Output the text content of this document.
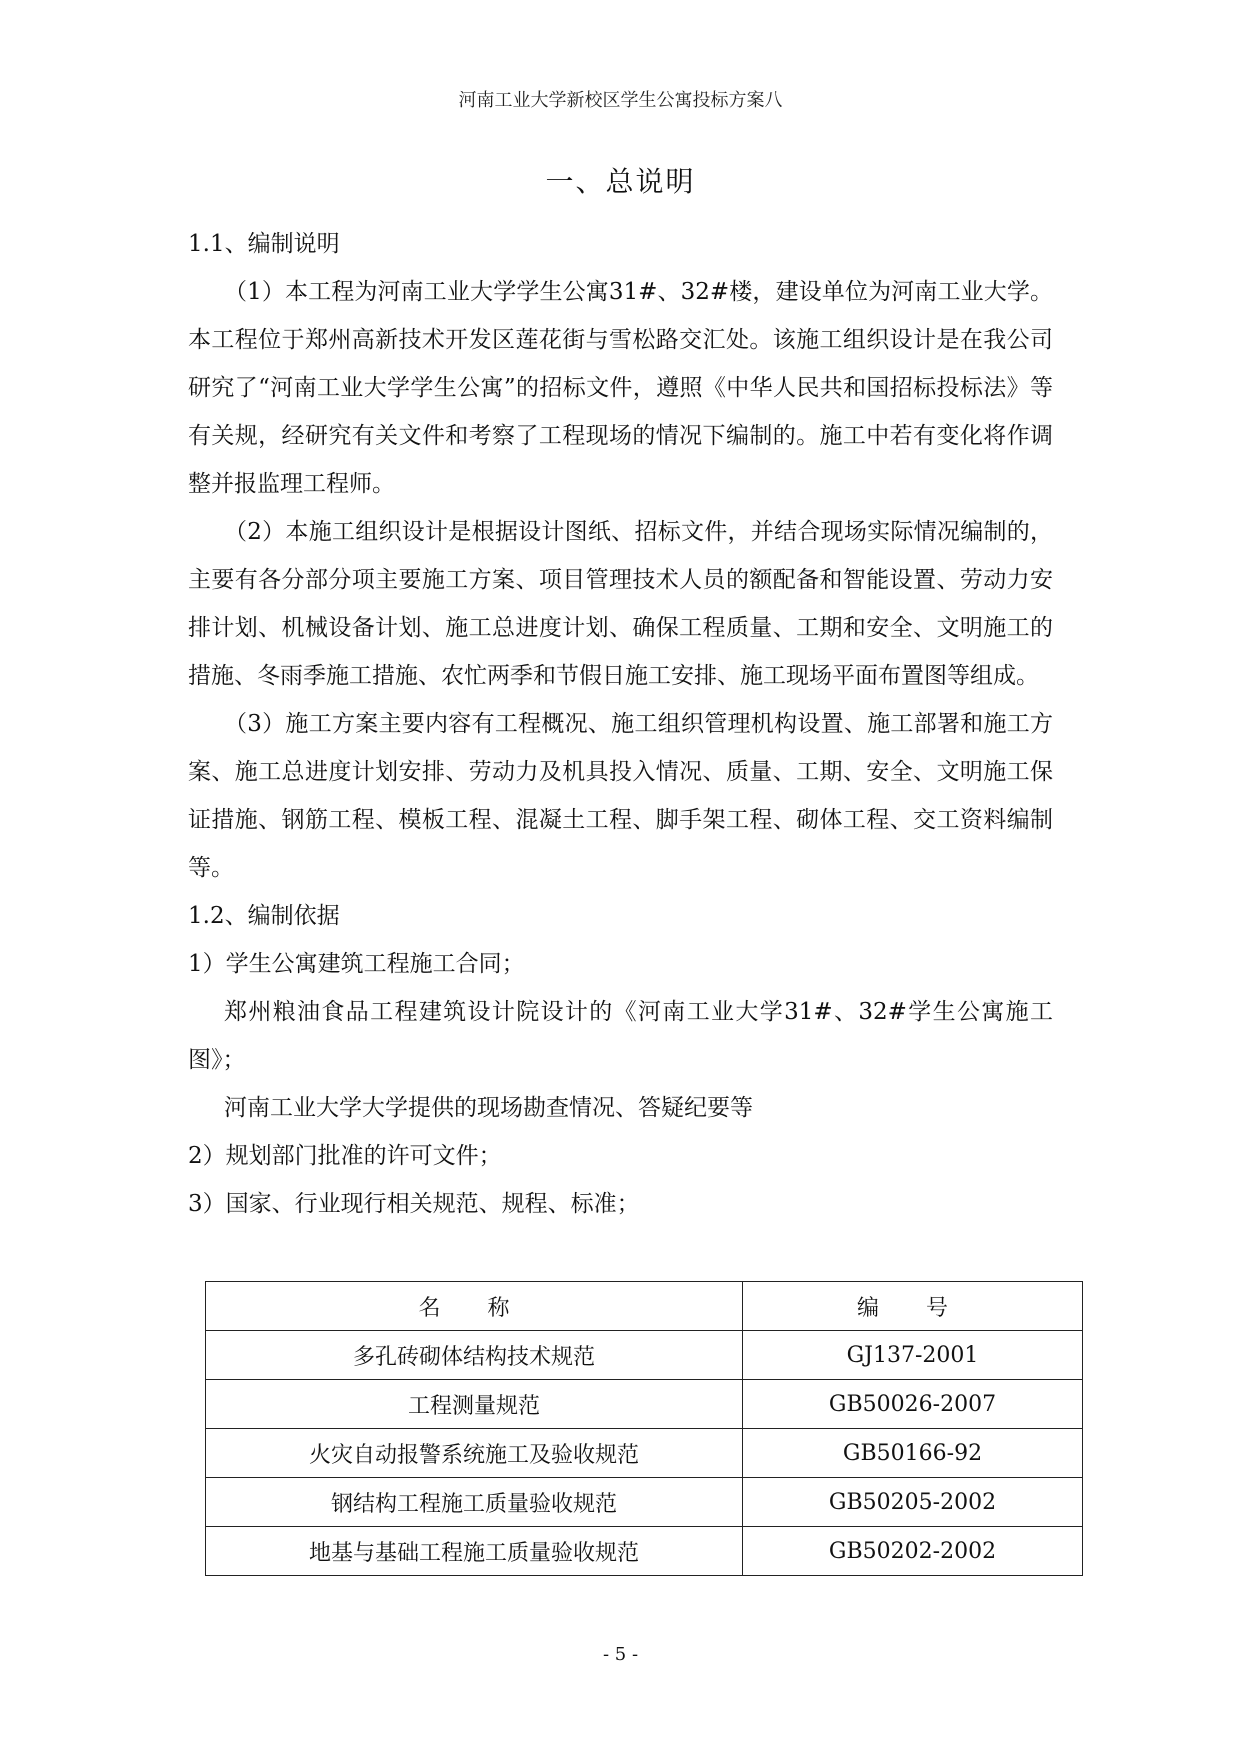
河南工业大学新校区学生公寓投标方案八
一、总说明

1.1、编制说明

（1）本工程为河南工业大学学生公寓31#、32#楼，建设单位为河南工业大学。本工程位于郑州高新技术开发区莲花街与雪松路交汇处。该施工组织设计是在我公司研究了“河南工业大学学生公寓”的招标文件，遵照《中华人民共和国招标投标法》等有关规，经研究有关文件和考察了工程现场的情况下编制的。施工中若有变化将作调整并报监理工程师。

（2）本施工组织设计是根据设计图纸、招标文件，并结合现场实际情况编制的，主要有各分部分项主要施工方案、项目管理技术人员的额配备和智能设置、劳动力安排计划、机械设备计划、施工总进度计划、确保工程质量、工期和安全、文明施工的措施、冬雨季施工措施、农忙两季和节假日施工安排、施工现场平面布置图等组成。

（3）施工方案主要内容有工程概况、施工组织管理机构设置、施工部署和施工方案、施工总进度计划安排、劳动力及机具投入情况、质量、工期、安全、文明施工保证措施、钢筋工程、模板工程、混凝土工程、脚手架工程、砌体工程、交工资料编制等。

1.2、编制依据

1）学生公寓建筑工程施工合同；

郑州粮油食品工程建筑设计院设计的《河南工业大学31#、32#学生公寓施工图》；

河南工业大学大学提供的现场勘查情况、答疑纪要等

2）规划部门批准的许可文件；

3）国家、行业现行相关规范、规程、标准；

名 称	编 号
多孔砖砌体结构技术规范	GJ137-2001
工程测量规范	GB50026-2007
火灾自动报警系统施工及验收规范	GB50166-92
钢结构工程施工质量验收规范	GB50205-2002
地基与基础工程施工质量验收规范	GB50202-2002
- 5 -
